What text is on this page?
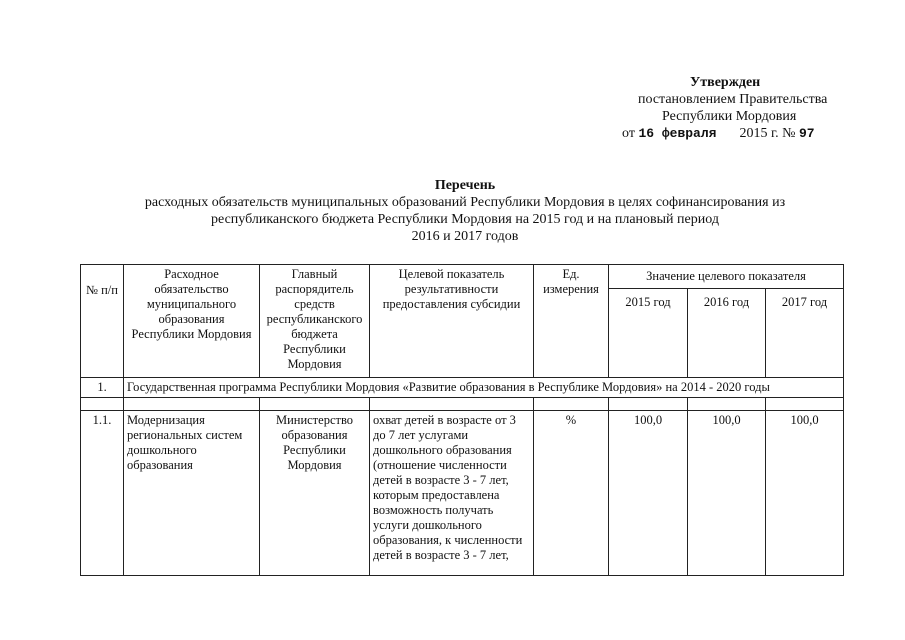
Утвержден
постановлением Правительства
Республики Мордовия
от 16 февраля 2015 г. № 97
Перечень
расходных обязательств муниципальных образований Республики Мордовия в целях софинансирования из
республиканского бюджета Республики Мордовия на 2015 год и на плановый период
2016 и 2017 годов
№ п/п	Расходное обязательство муниципального образования Республики Мордовия	Главный распорядитель средств республиканского бюджета Республики Мордовия	Целевой показатель результативности предоставления субсидии	Ед. измерения	Значение целевого показателя		
					2015 год	2016 год	2017 год
1.	Государственная программа Республики Мордовия «Развитие образования в Республике Мордовия» на 2014 - 2020 годы						

1.1.	Модернизация региональных систем дошкольного образования	Министерство образования Республики Мордовия	охват детей в возрасте от 3 до 7 лет услугами дошкольного образования (отношение численности детей в возрасте 3 - 7 лет, которым предоставлена возможность получать услуги дошкольного образования, к численности детей в возрасте 3 - 7 лет,	%	100,0	100,0	100,0
